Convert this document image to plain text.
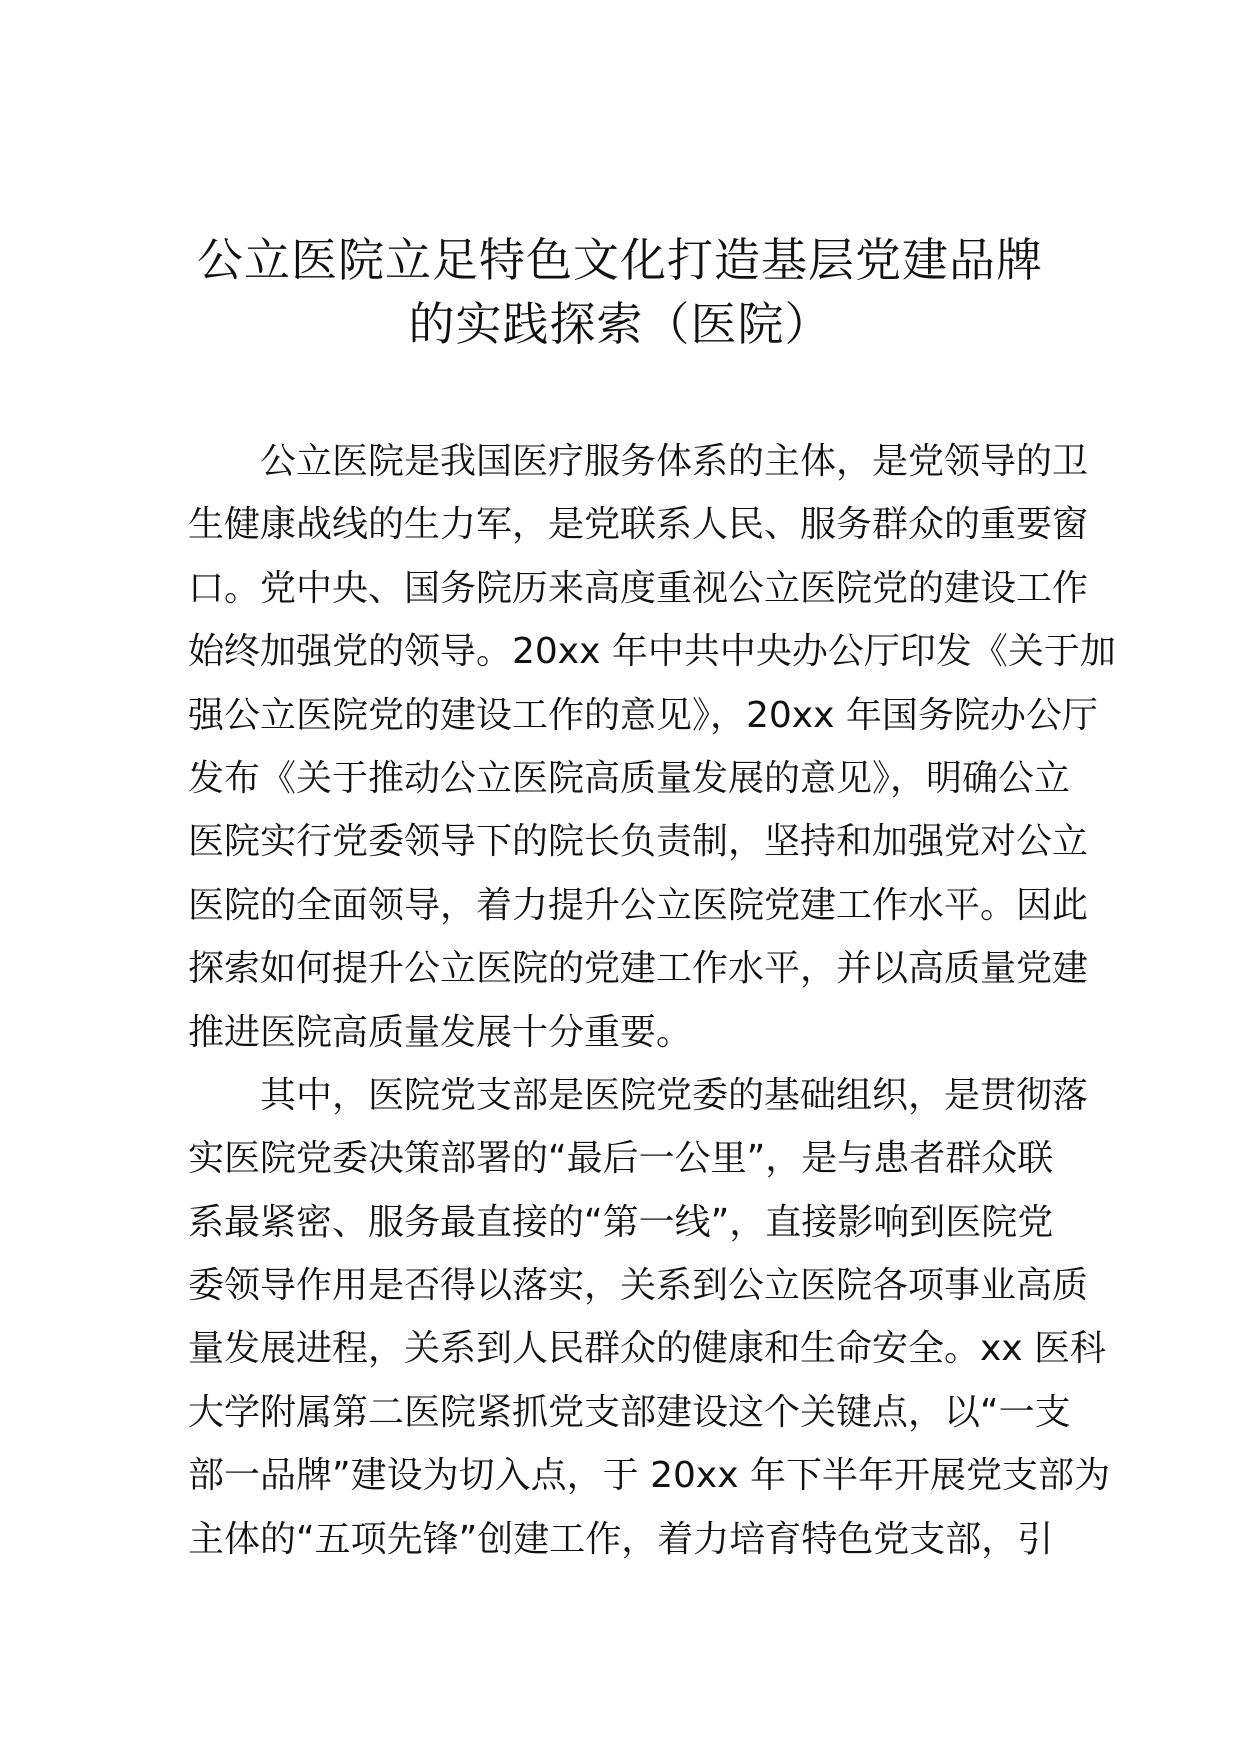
公立医院立足特色文化打造基层党建品牌
的实践探索（医院）
公立医院是我国医疗服务体系的主体，是党领导的卫
生健康战线的生力军，是党联系人民、服务群众的重要窗
口。党中央、国务院历来高度重视公立医院党的建设工作
始终加强党的领导。20xx 年中共中央办公厅印发《关于加
强公立医院党的建设工作的意见》，20xx 年国务院办公厅
发布《关于推动公立医院高质量发展的意见》，明确公立
医院实行党委领导下的院长负责制，坚持和加强党对公立
医院的全面领导，着力提升公立医院党建工作水平。因此
探索如何提升公立医院的党建工作水平，并以高质量党建
推进医院高质量发展十分重要。
其中，医院党支部是医院党委的基础组织，是贯彻落
实医院党委决策部署的“最后一公里”，是与患者群众联
系最紧密、服务最直接的“第一线”，直接影响到医院党
委领导作用是否得以落实，关系到公立医院各项事业高质
量发展进程，关系到人民群众的健康和生命安全。xx 医科
大学附属第二医院紧抓党支部建设这个关键点，以“一支
部一品牌”建设为切入点，于 20xx 年下半年开展党支部为
主体的“五项先锋”创建工作，着力培育特色党支部，引
